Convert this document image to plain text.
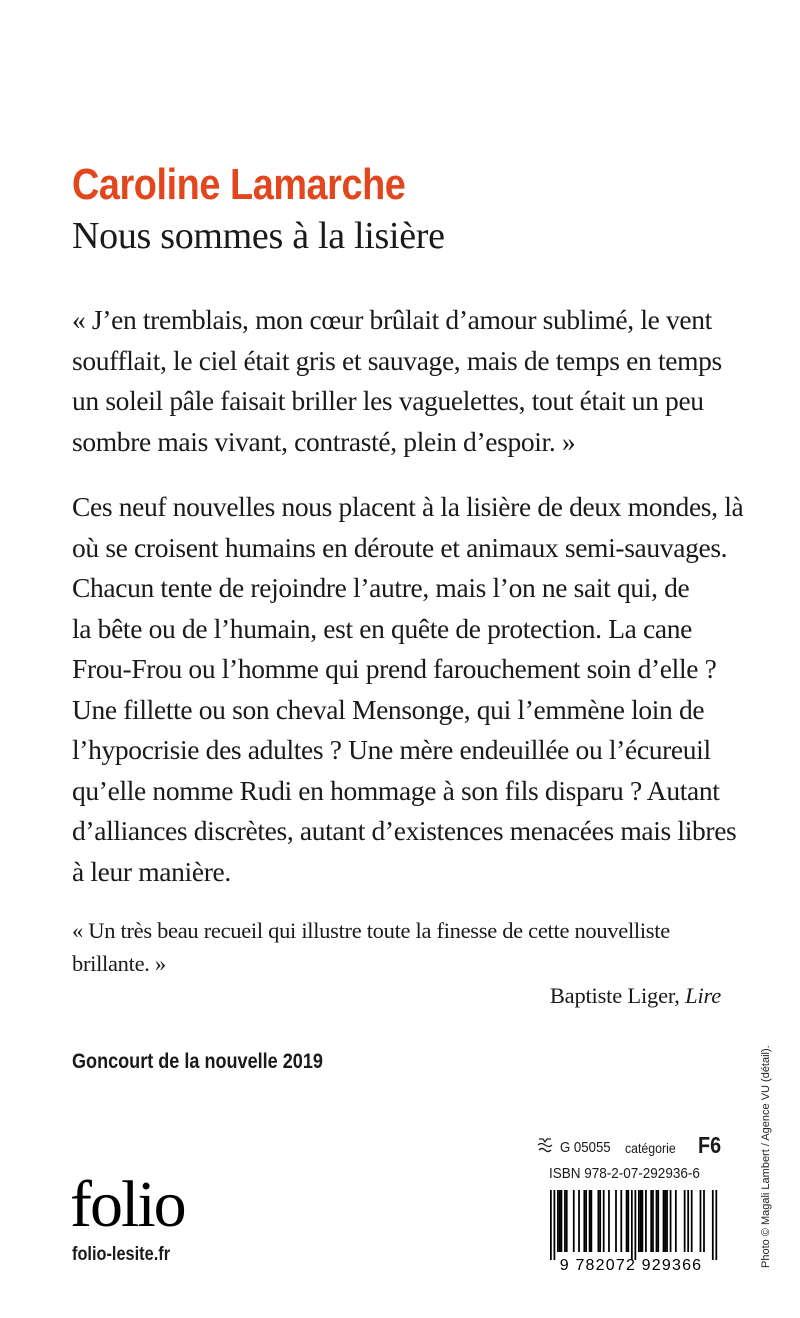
Caroline Lamarche
Nous sommes à la lisière

« J’en tremblais, mon cœur brûlait d’amour sublimé, le vent
soufflait, le ciel était gris et sauvage, mais de temps en temps
un soleil pâle faisait briller les vaguelettes, tout était un peu
sombre mais vivant, contrasté, plein d’espoir. »

Ces neuf nouvelles nous placent à la lisière de deux mondes, là
où se croisent humains en déroute et animaux semi-sauvages.
Chacun tente de rejoindre l’autre, mais l’on ne sait qui, de
la bête ou de l’humain, est en quête de protection. La cane
Frou-Frou ou l’homme qui prend farouchement soin d’elle ?
Une fillette ou son cheval Mensonge, qui l’emmène loin de
l’hypocrisie des adultes ? Une mère endeuillée ou l’écureuil
qu’elle nomme Rudi en hommage à son fils disparu ? Autant
d’alliances discrètes, autant d’existences menacées mais libres
à leur manière.

« Un très beau recueil qui illustre toute la finesse de cette nouvelliste
brillante. »

Baptiste Liger, Lire
Goncourt de la nouvelle 2019	Photo © Magali Lambert / Agence VU (détail).
folio
folio-lesite.fr
G 05055 catégorie F6
ISBN 978-2-07-292936-6
9 782072 929366
